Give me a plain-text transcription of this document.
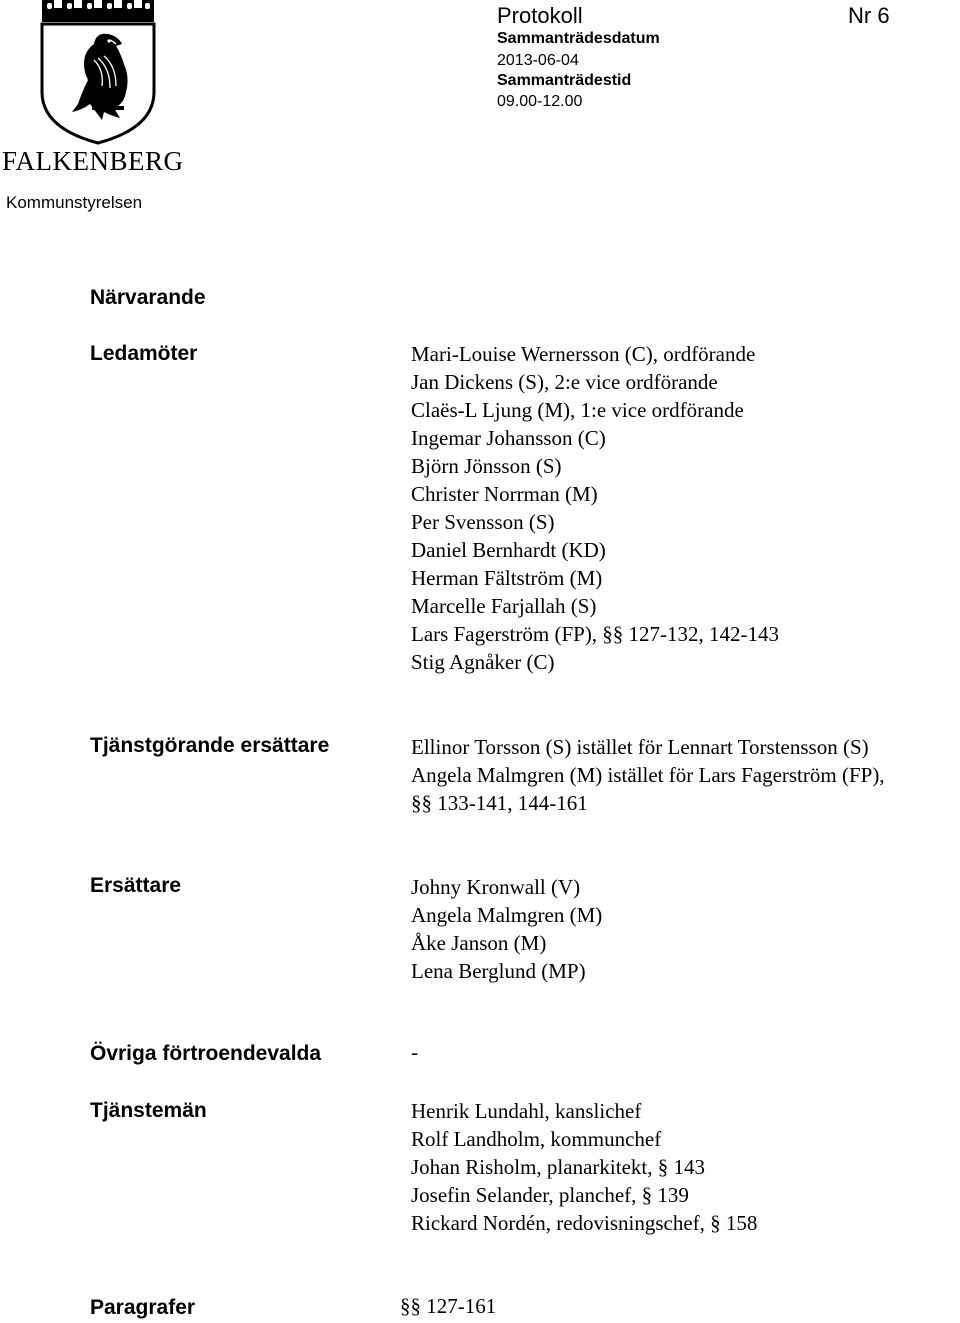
FALKENBERG
Kommunstyrelsen
Protokoll	Nr 6
Sammanträdesdatum
2013-06-04
Sammanträdestid
09.00-12.00
Närvarande
Ledamöter	Mari-Louise Wernersson (C), ordförande
Jan Dickens (S), 2:e vice ordförande
Claës-L Ljung (M), 1:e vice ordförande
Ingemar Johansson (C)
Björn Jönsson (S)
Christer Norrman (M)
Per Svensson (S)
Daniel Bernhardt (KD)
Herman Fältström (M)
Marcelle Farjallah (S)
Lars Fagerström (FP), §§ 127-132, 142-143
Stig Agnåker (C)
Tjänstgörande ersättare	Ellinor Torsson (S) istället för Lennart Torstensson (S)
Angela Malmgren (M) istället för Lars Fagerström (FP),
§§ 133-141, 144-161
Ersättare	Johny Kronwall (V)
Angela Malmgren (M)
Åke Janson (M)
Lena Berglund (MP)
Övriga förtroendevalda	-
Tjänstemän	Henrik Lundahl, kanslichef
Rolf Landholm, kommunchef
Johan Risholm, planarkitekt, § 143
Josefin Selander, planchef, § 139
Rickard Nordén, redovisningschef, § 158
Paragrafer	§§ 127-161
